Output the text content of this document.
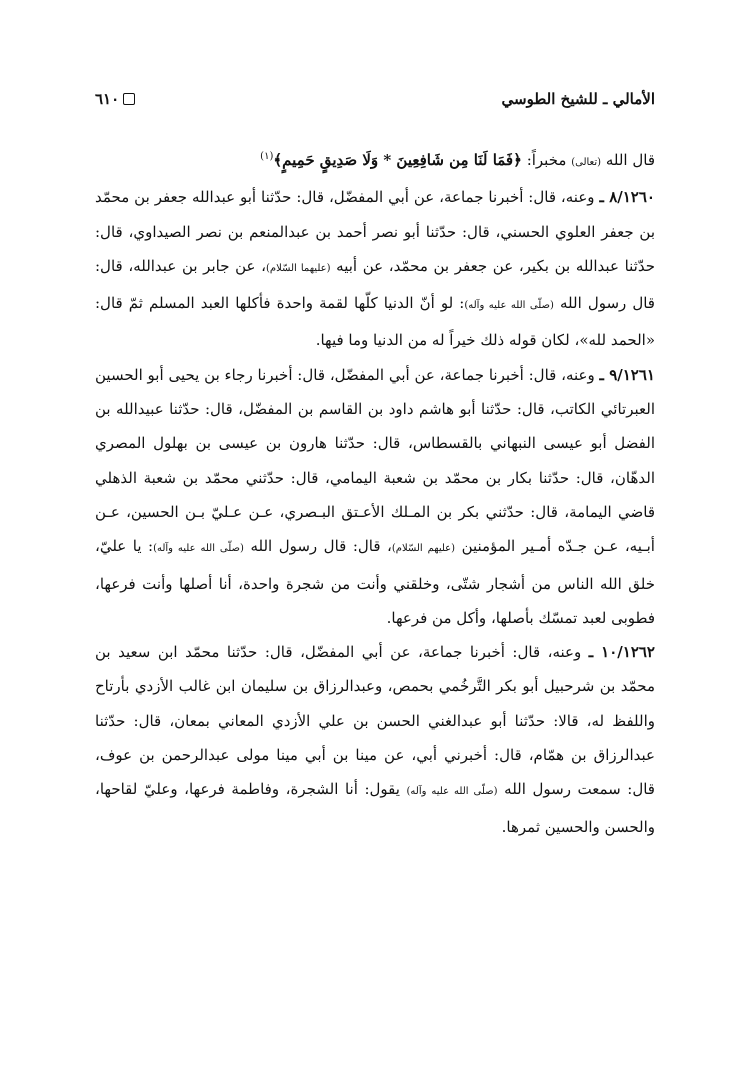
الأمالي ـ للشيخ الطوسي
٦١٠

قال الله (تعالى) مخبراً: ﴿فَمَا لَنَا مِن شَافِعِينَ * وَلَا صَدِيقٍ حَمِيمٍ﴾$^{(١)}$

٨/١٢٦٠ ـ وعنه، قال: أخبرنا جماعة، عن أبي المفضّل، قال: حدّثنا أبو عبدالله جعفر بن محمّد بن جعفر العلوي الحسني، قال: حدّثنا أبو نصر أحمد بن عبدالمنعم بن نصر الصيداوي، قال: حدّثنا عبدالله بن بكير، عن جعفر بن محمّد، عن أبيه (عليهما السّلام)، عن جابر بن عبدالله، قال: قال رسول الله (صلّى الله عليه وآله): لو أنّ الدنيا كلّها لقمة واحدة فأكلها العبد المسلم ثمّ قال: «الحمد لله»، لكان قوله ذلك خيراً له من الدنيا وما فيها.

٩/١٢٦١ ـ وعنه، قال: أخبرنا جماعة، عن أبي المفضّل، قال: أخبرنا رجاء بن يحيى أبو الحسين العبرتائي الكاتب، قال: حدّثنا أبو هاشم داود بن القاسم بن المفضّل، قال: حدّثنا عبيدالله بن الفضل أبو عيسى النبهاني بالقسطاس، قال: حدّثنا هارون بن عيسى بن بهلول المصري الدهّان، قال: حدّثنا بكار بن محمّد بن شعبة اليمامي، قال: حدّثني محمّد بن شعبة الذهلي قاضي اليمامة، قال: حدّثني بكر بن المـلك الأعـتق البـصري، عـن عـليّ بـن الحسين، عـن أبـيه، عـن جـدّه أمـير المؤمنين (عليهم السّلام)، قال: قال رسول الله (صلّى الله عليه وآله): يا عليّ، خلق الله الناس من أشجار شتّى، وخلقني وأنت من شجرة واحدة، أنا أصلها وأنت فرعها، فطوبى لعبد تمسّك بأصلها، وأكل من فرعها.

١٠/١٢٦٢ ـ وعنه، قال: أخبرنا جماعة، عن أبي المفضّل، قال: حدّثنا محمّد ابن سعيد بن محمّد بن شرحبيل أبو بكر التَّرخُمي بحمص، وعبدالرزاق بن سليمان ابن غالب الأزدي بأرتاح واللفظ له، قالا: حدّثنا أبو عبدالغني الحسن بن علي الأزدي المعاني بمعان، قال: حدّثنا عبدالرزاق بن همّام، قال: أخبرني أبي، عن مينا بن أبي مينا مولى عبدالرحمن بن عوف، قال: سمعت رسول الله (صلّى الله عليه وآله) يقول: أنا الشجرة، وفاطمة فرعها، وعليّ لقاحها، والحسن والحسين ثمرها.
